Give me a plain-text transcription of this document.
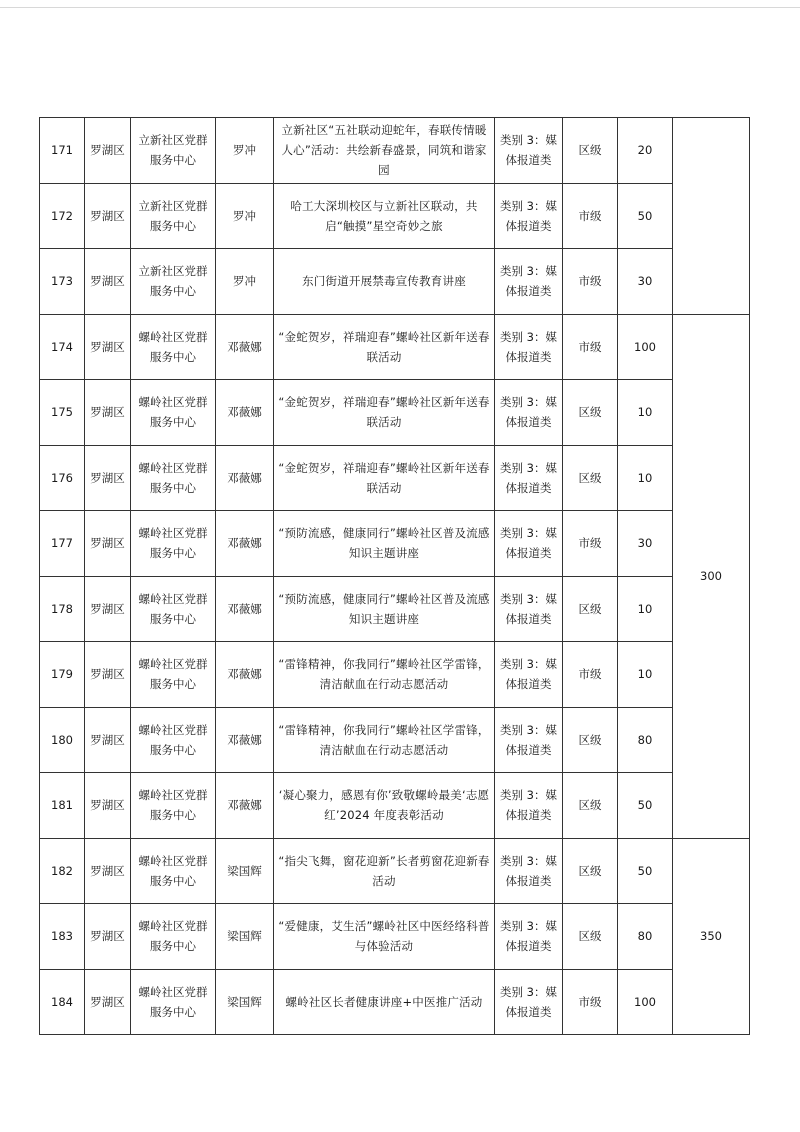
171	罗湖区	立新社区党群服务中心	罗冲	立新社区“五社联动迎蛇年，春联传情暖人心”活动：共绘新春盛景，同筑和谐家园	类别 3：媒体报道类	区级	20	
172	罗湖区	立新社区党群服务中心	罗冲	哈工大深圳校区与立新社区联动，共启“触摸”星空奇妙之旅	类别 3：媒体报道类	市级	50	
173	罗湖区	立新社区党群服务中心	罗冲	东门街道开展禁毒宣传教育讲座	类别 3：媒体报道类	市级	30	
174	罗湖区	螺岭社区党群服务中心	邓薇娜	“金蛇贺岁，祥瑞迎春”螺岭社区新年送春联活动	类别 3：媒体报道类	市级	100	300
175	罗湖区	螺岭社区党群服务中心	邓薇娜	“金蛇贺岁，祥瑞迎春”螺岭社区新年送春联活动	类别 3：媒体报道类	区级	10	
176	罗湖区	螺岭社区党群服务中心	邓薇娜	“金蛇贺岁，祥瑞迎春”螺岭社区新年送春联活动	类别 3：媒体报道类	区级	10	
177	罗湖区	螺岭社区党群服务中心	邓薇娜	“预防流感，健康同行”螺岭社区普及流感知识主题讲座	类别 3：媒体报道类	市级	30	
178	罗湖区	螺岭社区党群服务中心	邓薇娜	“预防流感，健康同行”螺岭社区普及流感知识主题讲座	类别 3：媒体报道类	区级	10	
179	罗湖区	螺岭社区党群服务中心	邓薇娜	“雷锋精神，你我同行”螺岭社区学雷锋，清洁献血在行动志愿活动	类别 3：媒体报道类	市级	10	
180	罗湖区	螺岭社区党群服务中心	邓薇娜	“雷锋精神，你我同行”螺岭社区学雷锋，清洁献血在行动志愿活动	类别 3：媒体报道类	区级	80	
181	罗湖区	螺岭社区党群服务中心	邓薇娜	‘凝心聚力，感恩有你’致敬螺岭最美‘志愿红’2024 年度表彰活动	类别 3：媒体报道类	区级	50	
182	罗湖区	螺岭社区党群服务中心	梁国辉	“指尖飞舞，窗花迎新”长者剪窗花迎新春活动	类别 3：媒体报道类	区级	50	350
183	罗湖区	螺岭社区党群服务中心	梁国辉	“爱健康，艾生活”螺岭社区中医经络科普与体验活动	类别 3：媒体报道类	区级	80	
184	罗湖区	螺岭社区党群服务中心	梁国辉	螺岭社区长者健康讲座+中医推广活动	类别 3：媒体报道类	市级	100	
